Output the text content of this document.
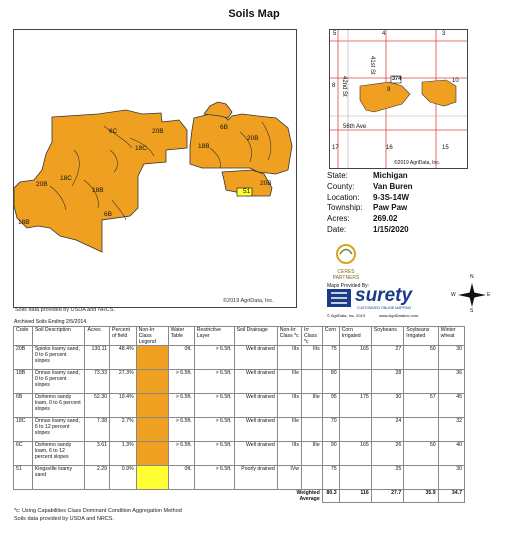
Soils Map
6C	20B
18C
6B
20B
18B
18C
20B
18B
6B
20B
51
18B
Soils data provided by USDA and NRCS.
©2019 AgriData, Inc.
5	4	3
41st St
42nd St	374
8
9
10
56th Ave
17	16	15
©2019 AgriData, Inc.
State:	Michigan
County:	Van Buren
Location:	9-3S-14W
Township:	Paw Paw
Acres:	269.02
Date:	1/15/2020
CERES PARTNERS
Maps Provided By:
surety
CUSTOMIZED ONLINE MAPPING
© AgriData, Inc. 2019	www.AgriDataInc.com
N
E
S
W
Archived Soils Ending 2/5/2014
Code	Soil Description	Acres	Percent of field	Non-Irr Class Legend	Water Table	Restrictive Layer	Soil Drainage	Non-Irr Class *c	Irr Class *c	Corn	Corn Irrigated	Soybeans	Soybeans Irrigated	Winter wheat
20B	Spinks loamy sand, 0 to 6 percent slopes	130.11	48.4%		0ft.	> 6.5ft.	Well drained	IIIs	IIIs	75	165	27	50	30
18B	Ormas loamy sand, 0 to 6 percent slopes	73.33	27.3%		> 6.5ft.	> 6.5ft.	Well drained	IIIe		80		28		36
6B	Oshtemo sandy loam, 0 to 6 percent slopes	52.30	19.4%		> 6.5ft.	> 6.5ft.	Well drained	IIIs	IIIe	95	175	30	57	45
18C	Ormas loamy sand, 6 to 12 percent slopes	7.38	2.7%		> 6.5ft.	> 6.5ft.	Well drained	IIIe		70		24		32
6C	Oshtemo sandy loam, 6 to 12 percent slopes	3.61	1.3%		> 6.5ft.	> 6.5ft.	Well drained	IIIs	IIIe	90	165	26	50	40
51	Kingsville loamy sand	2.29	0.9%		0ft.	> 6.5ft.	Poorly drained	IVw		75		25		30
								Weighted Average		80.3	116	27.7	35.9	34.7
*c: Using Capabilities Class Dominant Condition Aggregation Method
Soils data provided by USDA and NRCS.
